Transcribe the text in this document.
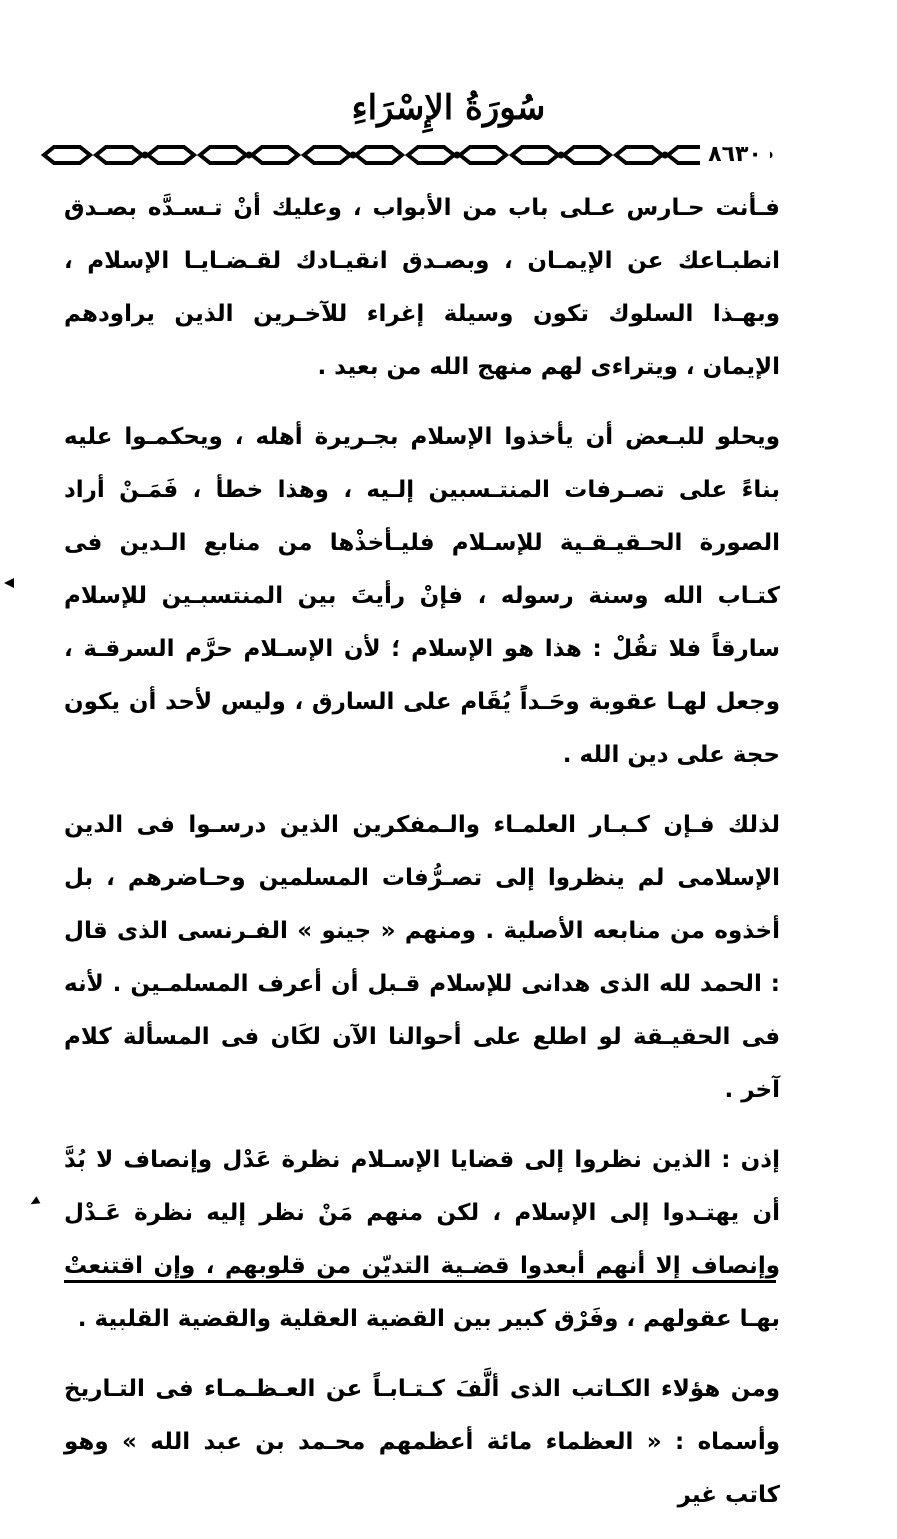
سُورَةُ الإِسْرَاءِ
٨٦٣٠

فـأنت حـارس عـلى باب من الأبواب ، وعليك أنْ تـسـدَّه بصـدق انطبـاعك عن الإيمـان ، وبصـدق انقيـادك لقـضـايـا الإسلام ، وبهـذا السلوك تكون وسيلة إغراء للآخـرين الذين يراودهم الإيمان ، ويتراءى لهم منهج الله من بعيد .

ويحلو للبـعض أن يأخذوا الإسلام بجـريرة أهله ، ويحكمـوا عليه بناءً على تصـرفات المنتـسبين إلـيه ، وهذا خطأ ، فَمَـنْ أراد الصورة الحـقيـقـية للإسـلام فليـأخذْها من منابع الـدين فى كتـاب الله وسنة رسوله ، فإنْ رأيتَ بين المنتسبـين للإسلام سارقاً فلا تقُلْ : هذا هو الإسلام ؛ لأن الإسـلام حرَّم السرقـة ، وجعل لهـا عقوبة وحَـداً يُقَام على السارق ، وليس لأحد أن يكون حجة على دين الله .

لذلك فـإن كـبـار العلمـاء والـمفكرين الذين درسـوا فى الدين الإسلامى لم ينظروا إلى تصـرُّفات المسلمين وحـاضرهم ، بل أخذوه من منابعه الأصلية . ومنهم « جينو » الفـرنسى الذى قال : الحمد لله الذى هدانى للإسلام قـبل أن أعرف المسلمـين . لأنه فى الحقيـقة لو اطلع على أحوالنا الآن لكَان فى المسألة كلام آخر .

إذن : الذين نظروا إلى قضايا الإسـلام نظرة عَدْل وإنصاف لا بُدَّ أن يهتـدوا إلى الإسلام ، لكن منهم مَنْ نظر إليه نظرة عَـدْل وإنصاف إلا أنهم أبعدوا قضـية التديّن من قلوبهم ، وإن اقتنعتْ بهـا عقولهم ، وفَرْق كبير بين القضية العقلية والقضية القلبية .

ومن هؤلاء الكـاتب الذى ألَّفَ كـتـابـاً عن العـظـمـاء فى التـاريخ وأسماه : « العظماء مائة أعظمهم محـمد بن عبد الله » وهو كاتب غير
